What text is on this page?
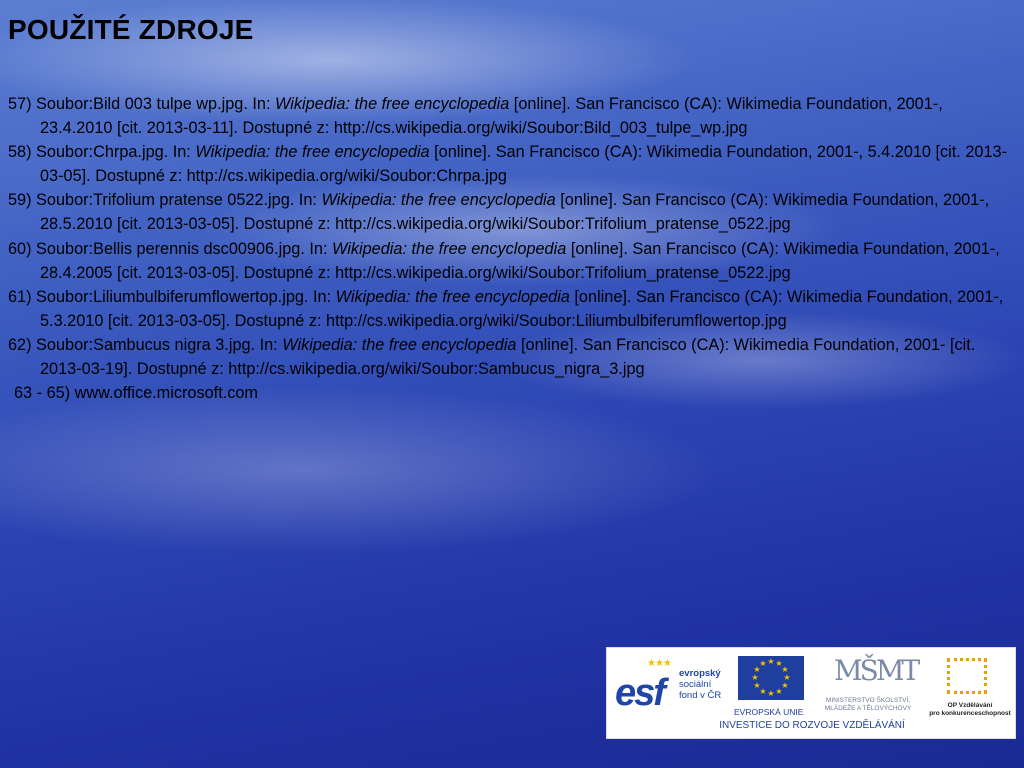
POUŽITÉ ZDROJE

57) Soubor:Bild 003 tulpe wp.jpg. In: Wikipedia: the free encyclopedia [online]. San Francisco (CA): Wikimedia Foundation, 2001-, 23.4.2010 [cit. 2013-03-11]. Dostupné z: http://cs.wikipedia.org/wiki/Soubor:Bild_003_tulpe_wp.jpg

58) Soubor:Chrpa.jpg. In: Wikipedia: the free encyclopedia [online]. San Francisco (CA): Wikimedia Foundation, 2001-, 5.4.2010 [cit. 2013-03-05]. Dostupné z: http://cs.wikipedia.org/wiki/Soubor:Chrpa.jpg

59) Soubor:Trifolium pratense 0522.jpg. In: Wikipedia: the free encyclopedia [online]. San Francisco (CA): Wikimedia Foundation, 2001-, 28.5.2010 [cit. 2013-03-05]. Dostupné z: http://cs.wikipedia.org/wiki/Soubor:Trifolium_pratense_0522.jpg

60) Soubor:Bellis perennis dsc00906.jpg. In: Wikipedia: the free encyclopedia [online]. San Francisco (CA): Wikimedia Foundation, 2001-, 28.4.2005 [cit. 2013-03-05]. Dostupné z: http://cs.wikipedia.org/wiki/Soubor:Trifolium_pratense_0522.jpg

61) Soubor:Liliumbulbiferumflowertop.jpg. In: Wikipedia: the free encyclopedia [online]. San Francisco (CA): Wikimedia Foundation, 2001-, 5.3.2010 [cit. 2013-03-05]. Dostupné z: http://cs.wikipedia.org/wiki/Soubor:Liliumbulbiferumflowertop.jpg

62) Soubor:Sambucus nigra 3.jpg. In: Wikipedia: the free encyclopedia [online]. San Francisco (CA): Wikimedia Foundation, 2001- [cit. 2013-03-19]. Dostupné z: http://cs.wikipedia.org/wiki/Soubor:Sambucus_nigra_3.jpg

63 - 65) www.office.microsoft.com

★★★
esf evropský
sociální
fond v ČR
★ ★
★
★
★
★
★
★
★
★
★
★
EVROPSKÁ UNIE
MŠMT
MINISTERSTVO ŠKOLSTVÍ,
MLÁDEŽE A TĚLOVÝCHOVY	OP Vzdělávání
pro konkurenceschopnost
INVESTICE DO ROZVOJE VZDĚLÁVÁNÍ
